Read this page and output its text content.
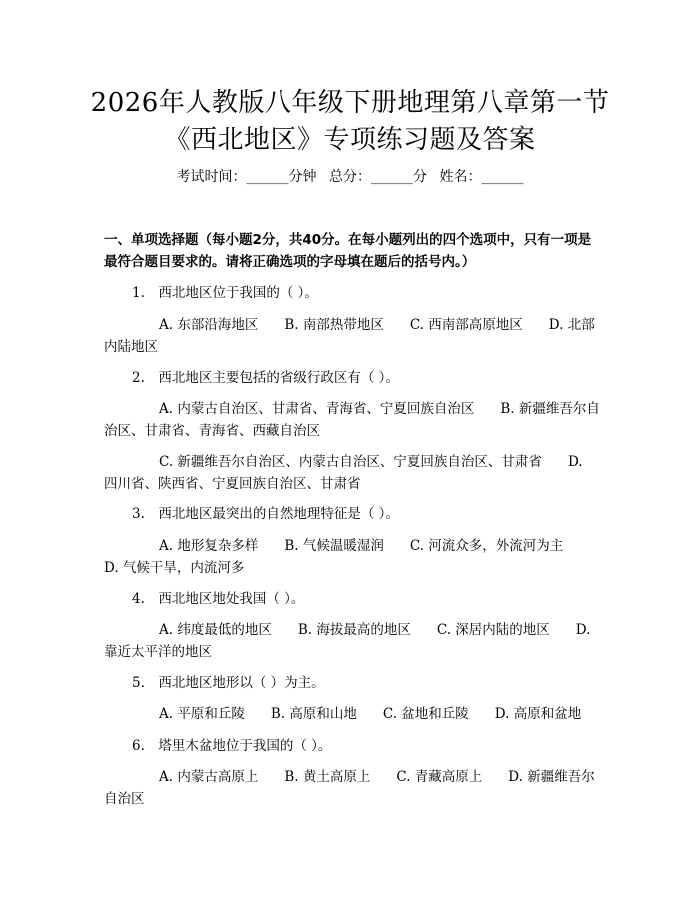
2026年人教版八年级下册地理第八章第一节
《西北地区》专项练习题及答案
考试时间：______分钟 总分：______分 姓名：______
一、单项选择题（每小题2分，共40分。在每小题列出的四个选项中，只有一项是最符合题目要求的。请将正确选项的字母填在题后的括号内。）
1.　西北地区位于我国的（ ）。
A. 东部沿海地区 B. 南部热带地区 C. 西南部高原地区 D. 北部内陆地区
2.　西北地区主要包括的省级行政区有（ ）。
A. 内蒙古自治区、甘肃省、青海省、宁夏回族自治区 B. 新疆维吾尔自治区、甘肃省、青海省、西藏自治区
C. 新疆维吾尔自治区、内蒙古自治区、宁夏回族自治区、甘肃省 D. 四川省、陕西省、宁夏回族自治区、甘肃省
3.　西北地区最突出的自然地理特征是（ ）。
A. 地形复杂多样 B. 气候温暖湿润 C. 河流众多，外流河为主D. 气候干旱，内流河多
4.　西北地区地处我国（ ）。
A. 纬度最低的地区 B. 海拔最高的地区 C. 深居内陆的地区 D. 靠近太平洋的地区
5.　西北地区地形以（ ）为主。
A. 平原和丘陵 B. 高原和山地 C. 盆地和丘陵 D. 高原和盆地
6.　塔里木盆地位于我国的（ ）。
A. 内蒙古高原上 B. 黄土高原上 C. 青藏高原上 D. 新疆维吾尔自治区
